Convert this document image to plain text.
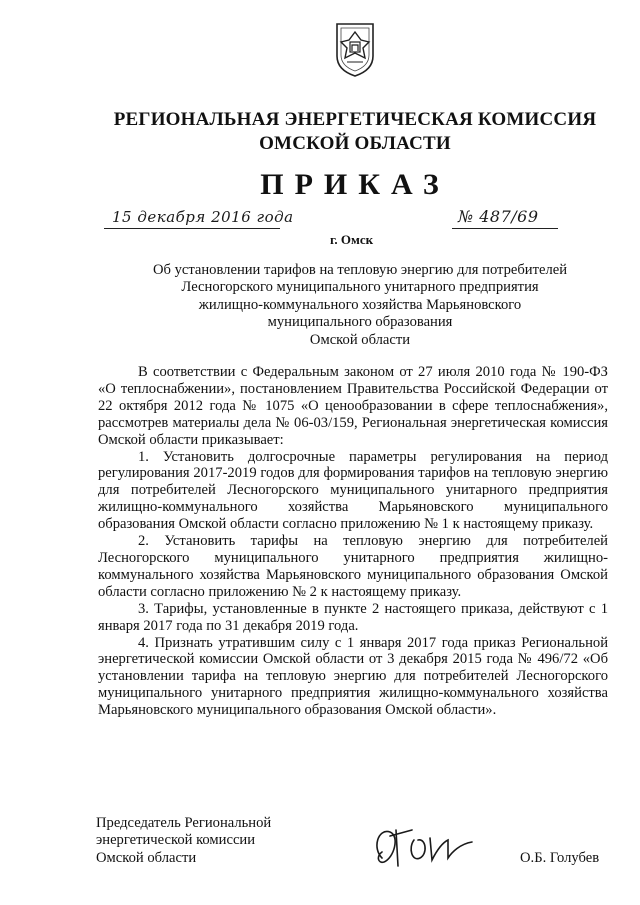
РЕГИОНАЛЬНАЯ ЭНЕРГЕТИЧЕСКАЯ КОМИССИЯ
ОМСКОЙ ОБЛАСТИ
ПРИКАЗ
15 декабря 2016 года	№ 487/69
г. Омск
Об установлении тарифов на тепловую энергию для потребителей
Лесногорского муниципального унитарного предприятия
жилищно-коммунального хозяйства Марьяновского
муниципального образования
Омской области

В соответствии с Федеральным законом от 27 июля 2010 года № 190-ФЗ «О теплоснабжении», постановлением Правительства Российской Федерации от 22 октября 2012 года № 1075 «О ценообразовании в сфере теплоснабжения», рассмотрев материалы дела № 06-03/159, Региональная энергетическая комиссия Омской области приказывает:

1. Установить долгосрочные параметры регулирования на период регулирования 2017-2019 годов для формирования тарифов на тепловую энергию для потребителей Лесногорского муниципального унитарного предприятия жилищно-коммунального хозяйства Марьяновского муниципального образования Омской области согласно приложению № 1 к настоящему приказу.

2. Установить тарифы на тепловую энергию для потребителей Лесногорского муниципального унитарного предприятия жилищно-коммунального хозяйства Марьяновского муниципального образования Омской области согласно приложению № 2 к настоящему приказу.

3. Тарифы, установленные в пункте 2 настоящего приказа, действуют с 1 января 2017 года по 31 декабря 2019 года.

4. Признать утратившим силу с 1 января 2017 года приказ Региональной энергетической комиссии Омской области от 3 декабря 2015 года № 496/72 «Об установлении тарифа на тепловую энергию для потребителей Лесногорского муниципального унитарного предприятия жилищно-коммунального хозяйства Марьяновского муниципального образования Омской области».

Председатель Региональной
энергетической комиссии
Омской области	О.Б. Голубев
